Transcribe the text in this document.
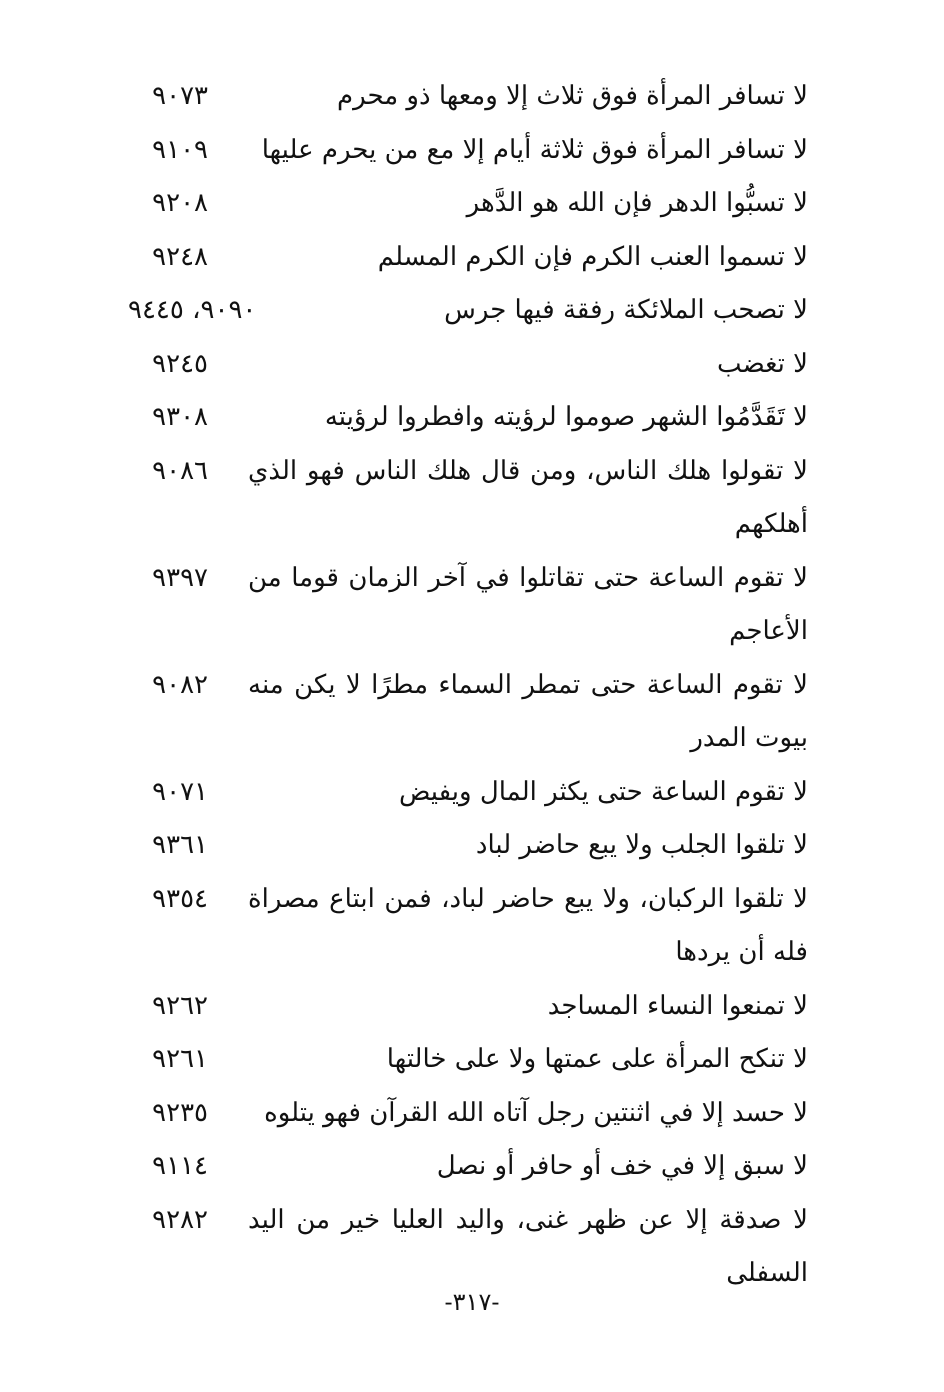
لا تسافر المرأة فوق ثلاث إلا ومعها ذو محرم
٩٠٧٣
لا تسافر المرأة فوق ثلاثة أيام إلا مع من يحرم عليها
٩١٠٩
لا تسبُّوا الدهر فإن الله هو الدَّهر
٩٢٠٨
لا تسموا العنب الكرم فإن الكرم المسلم
٩٢٤٨
لا تصحب الملائكة رفقة فيها جرس
٩٠٩٠، ٩٤٤٥
لا تغضب
٩٢٤٥
لا تَقَدَّمُوا الشهر صوموا لرؤيته وافطروا لرؤيته
٩٣٠٨
لا تقولوا هلك الناس، ومن قال هلك الناس فهو الذي أهلكهم
٩٠٨٦
لا تقوم الساعة حتى تقاتلوا في آخر الزمان قوما من الأعاجم
٩٣٩٧
لا تقوم الساعة حتى تمطر السماء مطرًا لا يكن منه بيوت المدر
٩٠٨٢
لا تقوم الساعة حتى يكثر المال ويفيض
٩٠٧١
لا تلقوا الجلب ولا يبع حاضر لباد
٩٣٦١
لا تلقوا الركبان، ولا يبع حاضر لباد، فمن ابتاع مصراة فله أن يردها
٩٣٥٤
لا تمنعوا النساء المساجد
٩٢٦٢
لا تنكح المرأة على عمتها ولا على خالتها
٩٢٦١
لا حسد إلا في اثنتين رجل آتاه الله القرآن فهو يتلوه
٩٢٣٥
لا سبق إلا في خف أو حافر أو نصل
٩١١٤
لا صدقة إلا عن ظهر غنى، واليد العليا خير من اليد السفلى
٩٢٨٢
-٣١٧-
